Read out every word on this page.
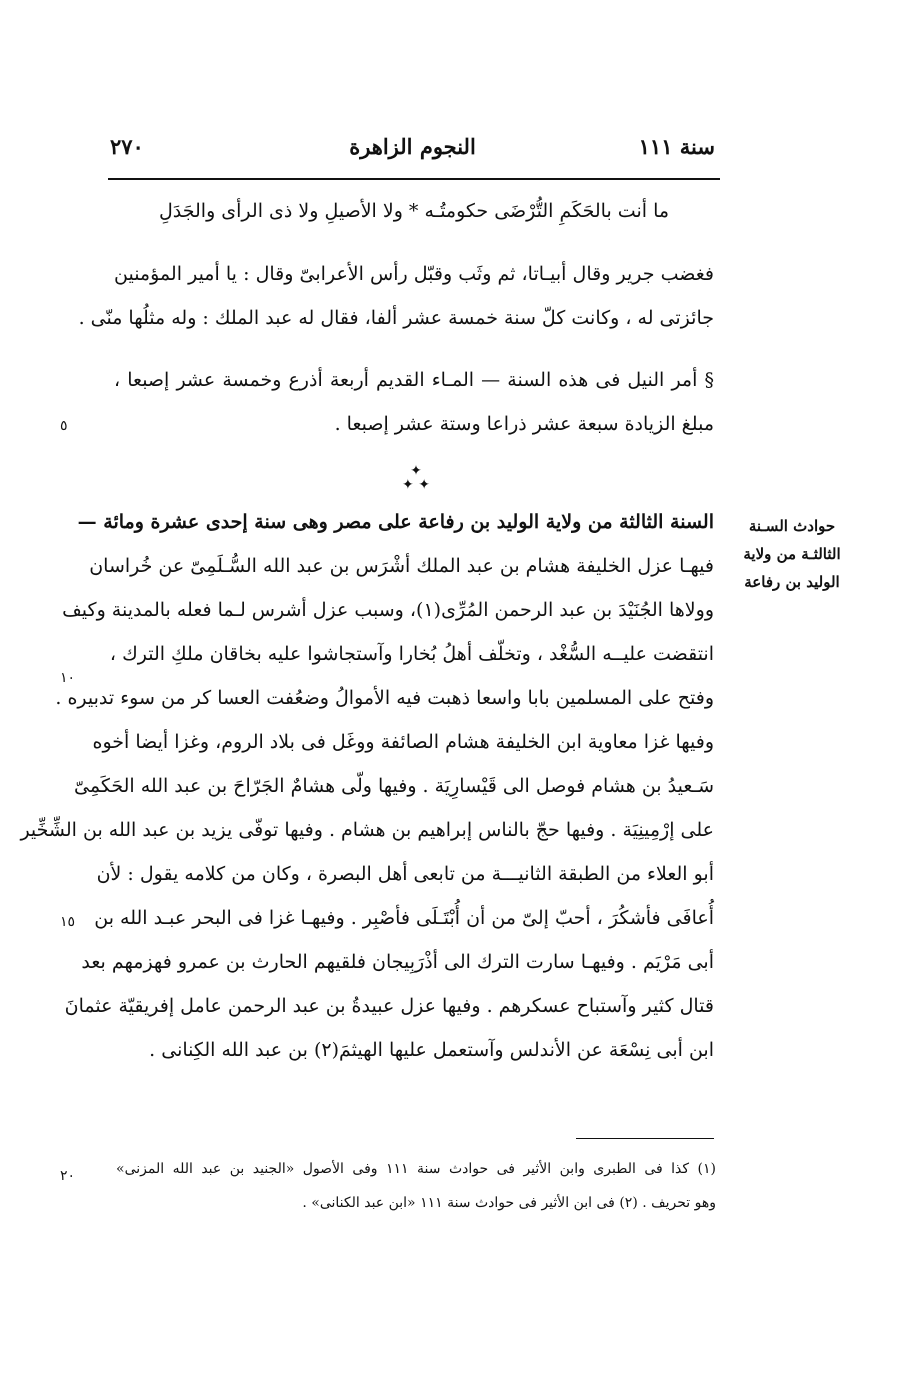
سنة ١١١
النجوم الزاهرة
٢٧٠
ما أنت بالحَكَمِ التُّرْضَى حكومتُـه * ولا الأصيلِ ولا ذى الرأى والجَدَلِ
فغضب جرير وقال أبيـاتا، ثم وثَب وقبّل رأس الأعرابىّ وقال : يا أمير المؤمنين
جائزتى له ، وكانت كلّ سنة خمسة عشر ألفا، فقال له عبد الملك : وله مثلُها منّى .
§ أمر النيل فى هذه السنة — المـاء القديم أربعة أذرع وخمسة عشر إصبعا ،
مبلغ الزيادة سبعة عشر ذراعا وستة عشر إصبعا .
✦
✦ ✦
حوادث السـنة
الثالثـة من ولاية
الوليد بن رفاعة
السنة الثالثة من ولاية الوليد بن رفاعة على مصر وهى سنة إحدى عشرة ومائة —
فيهـا عزل الخليفة هشام بن عبد الملك أشْرَس بن عبد الله السُّـلَمِىّ عن خُراسان
وولاها الجُنَيْدَ بن عبد الرحمن المُرِّى(١)، وسبب عزل أشرس لـما فعله بالمدينة وكيف
انتقضت عليــه السُّغْد ، وتخلّف أهلُ بُخارا وآستجاشوا عليه بخاقان ملكِ الترك ،
وفتح على المسلمين بابا واسعا ذهبت فيه الأموالُ وضعُفت العسا كر من سوء تدبيره .
وفيها غزا معاوية ابن الخليفة هشام الصائفة ووغَل فى بلاد الروم، وغزا أيضا أخوه
سَـعيدُ بن هشام فوصل الى قَيْسارِيَة . وفيها ولّى هشامٌ الجَرّاحَ بن عبد الله الحَكَمِىّ
على إرْمِينِيَة . وفيها حجّ بالناس إبراهيم بن هشام . وفيها توفّى يزيد بن عبد الله بن الشِّخِّير
أبو العلاء من الطبقة الثانيـــة من تابعى أهل البصرة ، وكان من كلامه يقول : لأن
أُعافَى فأشكُرَ ، أحبّ إلىّ من أن أُبْتَـلَى فأصْبِر . وفيهـا غزا فى البحر عبـد الله بن
أبى مَرْيَم . وفيهـا سارت الترك الى أذْرَبِيجان فلقيهم الحارث بن عمرو فهزمهم بعد
قتال كثير وآستباح عسكرهم . وفيها عزل عبيدةُ بن عبد الرحمن عامل إفريقيّة عثمانَ
ابن أبى نِسْعَة عن الأندلس وآستعمل عليها الهيثمَ(٢) بن عبد الله الكِنانى .
٥
١٠
١٥
٢٠	(١) كذا فى الطبرى وابن الأثير فى حوادث سنة ١١١ وفى الأصول «الجنيد بن عبد الله المزنى»
وهو تحريف . (٢) فى ابن الأثير فى حوادث سنة ١١١ «ابن عبد الكنانى» .
